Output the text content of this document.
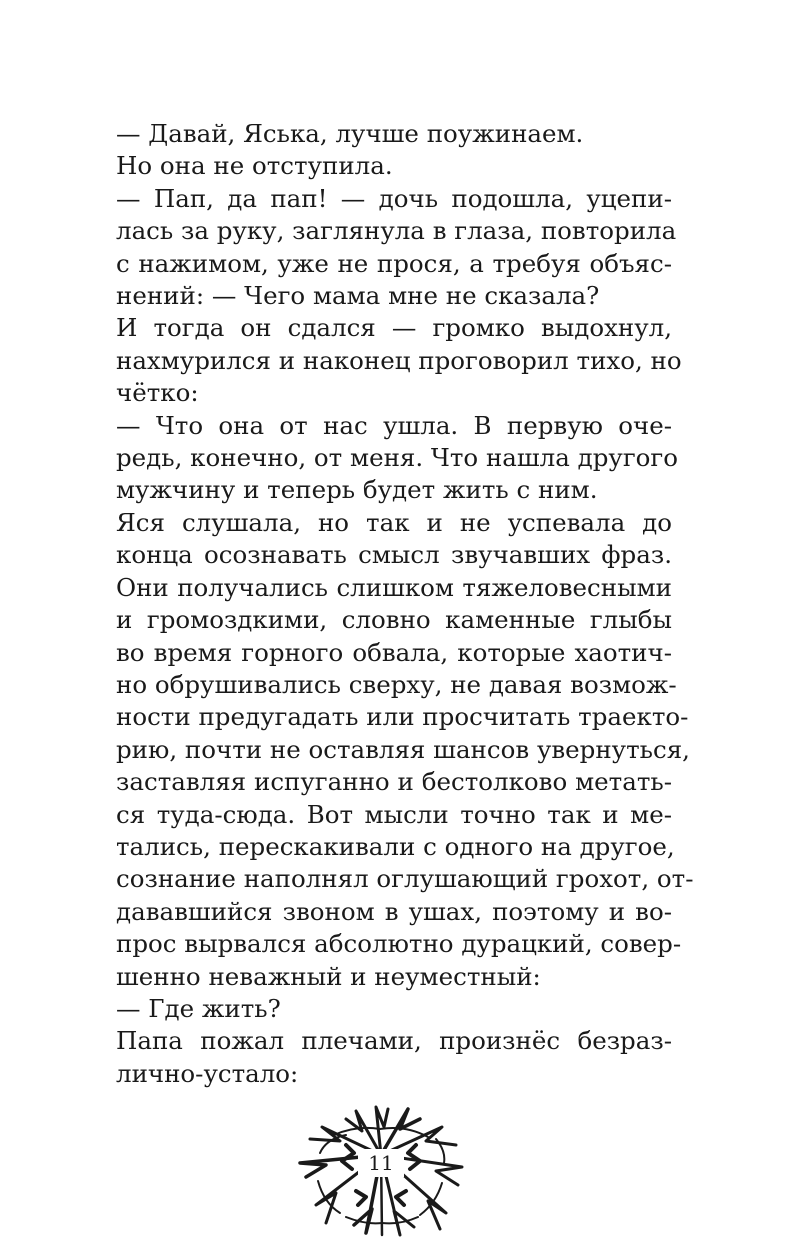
— Давай, Яська, лучше поужинаем.
Но она не отступила.
— Пап, да пап! — дочь подошла, уцепи-
лась за руку, заглянула в глаза, повторила
с нажимом, уже не прося, а требуя объяс-
нений: — Чего мама мне не сказала?
И тогда он сдался — громко выдохнул,
нахмурился и наконец проговорил тихо, но
чётко:
— Что она от нас ушла. В первую оче-
редь, конечно, от меня. Что нашла другого
мужчину и теперь будет жить с ним.
Яся слушала, но так и не успевала до
конца осознавать смысл звучавших фраз.
Они получались слишком тяжеловесными
и громоздкими, словно каменные глыбы
во время горного обвала, которые хаотич-
но обрушивались сверху, не давая возмож-
ности предугадать или просчитать траекто-
рию, почти не оставляя шансов увернуться,
заставляя испуганно и бестолково метать-
ся туда-сюда. Вот мысли точно так и ме-
тались, перескакивали с одного на другое,
сознание наполнял оглушающий грохот, от-
дававшийся звоном в ушах, поэтому и во-
прос вырвался абсолютно дурацкий, совер-
шенно неважный и неуместный:
— Где жить?
Папа пожал плечами, произнёс безраз-
лично-устало:
11
